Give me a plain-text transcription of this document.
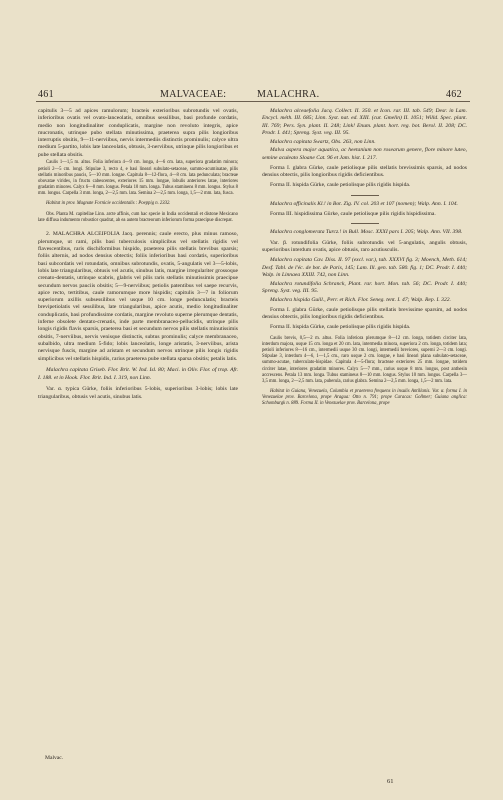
461	MALVACEAE:	MALACHRA.	462

capitulis 3—5 ad apices ramulorum; bracteis exterioribus subrotundis vel ovatis, inferioribus ovatis vel ovato-lanceolatis, omnibus sessilibus, basi profunde cordatis, medio non longitudinaliter conduplicatis, margine non revoluto integris, apice mucronatis, utrinque pubo stellata minutissima, praeterea supra pilis longioribus interruptis obsitis, 9—11-nerviibus, nervis intermediis distinctis prominulis; calyce ultra medium 5-partito, lobis late lanceolatis, obtusis, 3-nerviibus, utrinque pilis longioribus et pube stellata obsitis.

Caulis 1—1,5 m. altus. Folia inferiora 4—9 cm. longa, 4—6 cm. lata, superiora gradatim minora; petioli 2—5 cm. longi. Stipulae 3, recto 4, e basi lineari subulato-setaceae, summo-acuminatae, pilis stellatis minoribus paucis, 5—10 mm. longae. Capitula 8—12-flora, 4—8 cm. lata pedunculata; bracteae obovatae virides, in fructu cabescentes, exteriores 15 mm. longae, lobulis anteriores latae, interiores gradatim minores. Calyx 6—8 mm. longus. Petala 10 mm. longa. Tubus staminens 8 mm. longus. Stylus 8 mm. longus. Carpella 3 mm. longa, 2—2,5 mm. lata. Semina 2—2,5 mm. longa, 1,5—2 mm. lata, fusca.

Habitat in prov. Magnate Fornicie occidentalis : Poeppig n. 2332.

Obs. Planta M. capitellae Linn. arcte affinis, cum hac specie in India occidentali et distone Mexicano late diffusa indumento robustior quadrat, ab ea autem bracteorum inferiorum forma praecipue discrepat.

2. MALACHRA ALCEIFOLIA Jacq. perennis; caule erecto, plus minus ramoso, plerumque, ut rami, pilis basi tuberculosis simplicibus vel stellatis rigidis vel flavescentibus, raris dischiformibus hispido, praeterea pilis stellatis brevibus sparsis; foliis alternis, ad nodos densius obtectis; foliis inferioribus basi cordatis, superioribus basi subcordatis vel rotundatis, omnibus subrotundis, ovatis, 5-angulatis vel 3—5-lobis, lobis late triangularibus, obtusis vel acutis, sinubus latis, margine irregulariter grossoque crenato-dentatis, utrinque scabris, glabris vel pilis raris stellatis minutissimis praecipue secundum nervos pauciis obsitis; 5—9-nerviibus; petiolis patentibus vel saepe recurvis, apice recto, tertitibus, caule ramorumque more hispidis; capitulis 3—7 in foliorum superiorum axillis subsessilibus vel usque 10 cm. longe pedunculatis; bracteis brevipetiolatis vel sessilibus, late triangularibus, apice acutis, medio longitudinaliter conduplicatis, basi profundissime cordatis, margine revoluto superne plerumque dentatis, inferne obsolete dentato-crenatis, inde parte membranaceo-pellucidis, utrinque pilis longis rigidis flavis sparsis, praeterea basi et secundum nervos pilis stellatis minutissimis obsitis, 7-nerviibus, nervis venisque distinctis, subtus prominulis; calyce membranaceo, subalbido, ultra medium 5-fido; lobis lanceolatis, longe aristatis, 3-nerviibus, arista nervisque fuscis, margine ad aristam et secundum nervos utrinque pilis longis rigidis simplicibus vel stellatis hispidis, rarius praeterea pube stellata sparsa obsitis; petalis latis.

Malachra capitata Griseb. Flor. Brit. W. Ind. Isl. 80; Maci. in Oliv. Flor. of trop. Afr. I. 188. et in Hook. Flor. Brit. Ind. I. 319, non Linn.

Var. α. typica Gürke, foliis inferioribus 5-lobis, superioribus 3-lobis; lobis late triangularibus, obtusis vel acutis, sinubus latis.

Malachra alceaefolia Jacq. Collect. II. 350. et Icon. rar. III. tab. 549; Desr. in Lam. Encycl. méth. III. 685; Linn. Syst. nat. ed. XIII. (cur. Gmelin) II. 1051; Willd. Spec. plant. III. 769; Pers. Syn. plant. II. 248; Link! Enum. plant. hort. reg. bot. Berol. II. 208; DC. Prodr. I. 441; Spreng. Syst. veg. III. 95.

Malachra capitata Swartz, Obs. 263, non Linn.

Malva aspera major aquatica, ac heetanium non rosearum genere, flore minore luteo, semine aculeato Sloane Cat. 96 et Jam. hist. I. 217.

Forma I. glabra Gürke, caule petiolisque pilis stellatis brevissimis sparsis, ad nodos densius obtectis, pilis longioribus rigidis deficientibus.

Forma II. hispida Gürke, caule petiolisque pilis rigidis hispida.

Malachra officinalis Kl.! in Bot. Zig. IV. col. 203 et 107 (nomen); Walp. Ann. I. 104.

Forma III. hispidissima Gürke, caule petiolisque pilis rigidis hispidissima.

Malachra conglomerata Turcz.! in Bull. Mosc. XXXI pars I. 205; Walp. Ann. VII. 398.

Var. β. rotundifolia Gürke, foliis subrotundis vel 5-angulatis, angulis obtusis, superioribus interdum ovatis, apice obtusis, raro acutiusculis.

Malachra capitata Cav. Diss. II. 97 (excl. var.), tab. XXXVI fig. 3; Moench, Meth. 614; Desf. Tabl. de l'éc. de bot. de Paris, 145; Lam. Ill. gen. tab. 580. fig. 1; DC. Prodr. I. 440; Walp. in Linnaea XXIII. 742, non Linn.

Malachra rotundifolia Schranck, Plant. rar. hort. Mon. tab. 56; DC. Prodr. I. 440; Spreng. Syst. veg. III. 95.

Malachra hispida Guill., Perr. et Rich. Flor. Seneg. tent. I. 47; Walp. Rep. I. 322.

Forma I. glabra Gürke, caule petiolisque pilis stellatis brevissime sparsim, ad nodos densius obtectis, pilis longioribus rigidis deficientibus.

Forma II. hispida Gürke, caule petiolisque pilis rigidis hispida.

Caulis brevis, 0,5—2 m. altus. Folia inferiora plerumque 8—12 cm. longa, totidem circiter lata, interdum majora, usque 15 cm. longa et 20 cm. lata, intermedia minora, superiora 2 cm. longa, totidem lata; petioli inferiores 8—16 cm., intermedii usque 30 cm. longi, intermedii breviores, superni 2—3 cm. longi. Stipulae 3, interdum 4—6, 1—1,5 cm., raro usque 2 cm. longae, e basi lineari plana subulato-setaceae, summo-acutae, tuberculato-hispidae. Capitula 4—5-flora; bracteae exteriores 25 mm. longae, totidem circiter latae, interiores gradatim minores. Calyx 5—7 mm., rarius usque 8 mm. longus, post anthesin accrescens. Petala 13 mm. longa. Tubus stamineus 8—10 mm. longus. Stylus 10 mm. longus. Carpella 3—3,5 mm. longa, 2—2,5 mm. lata, puberula, rarius glabra. Semina 2—2,5 mm. longa, 1,5—2 mm. lata.

Habitat in Guiana, Venezuela, Columbia et praeterea frequens in insulis Antillanis. Var. α. forma I. in Venezuelae prov. Barcelona, prope Aragua: Otto n. 791; prope Caracas: Gollmer; Guiana anglica: Schomburgk n. 889. Forma II. in Venezuelae prov. Barcelona, prope

Malvac.
61
